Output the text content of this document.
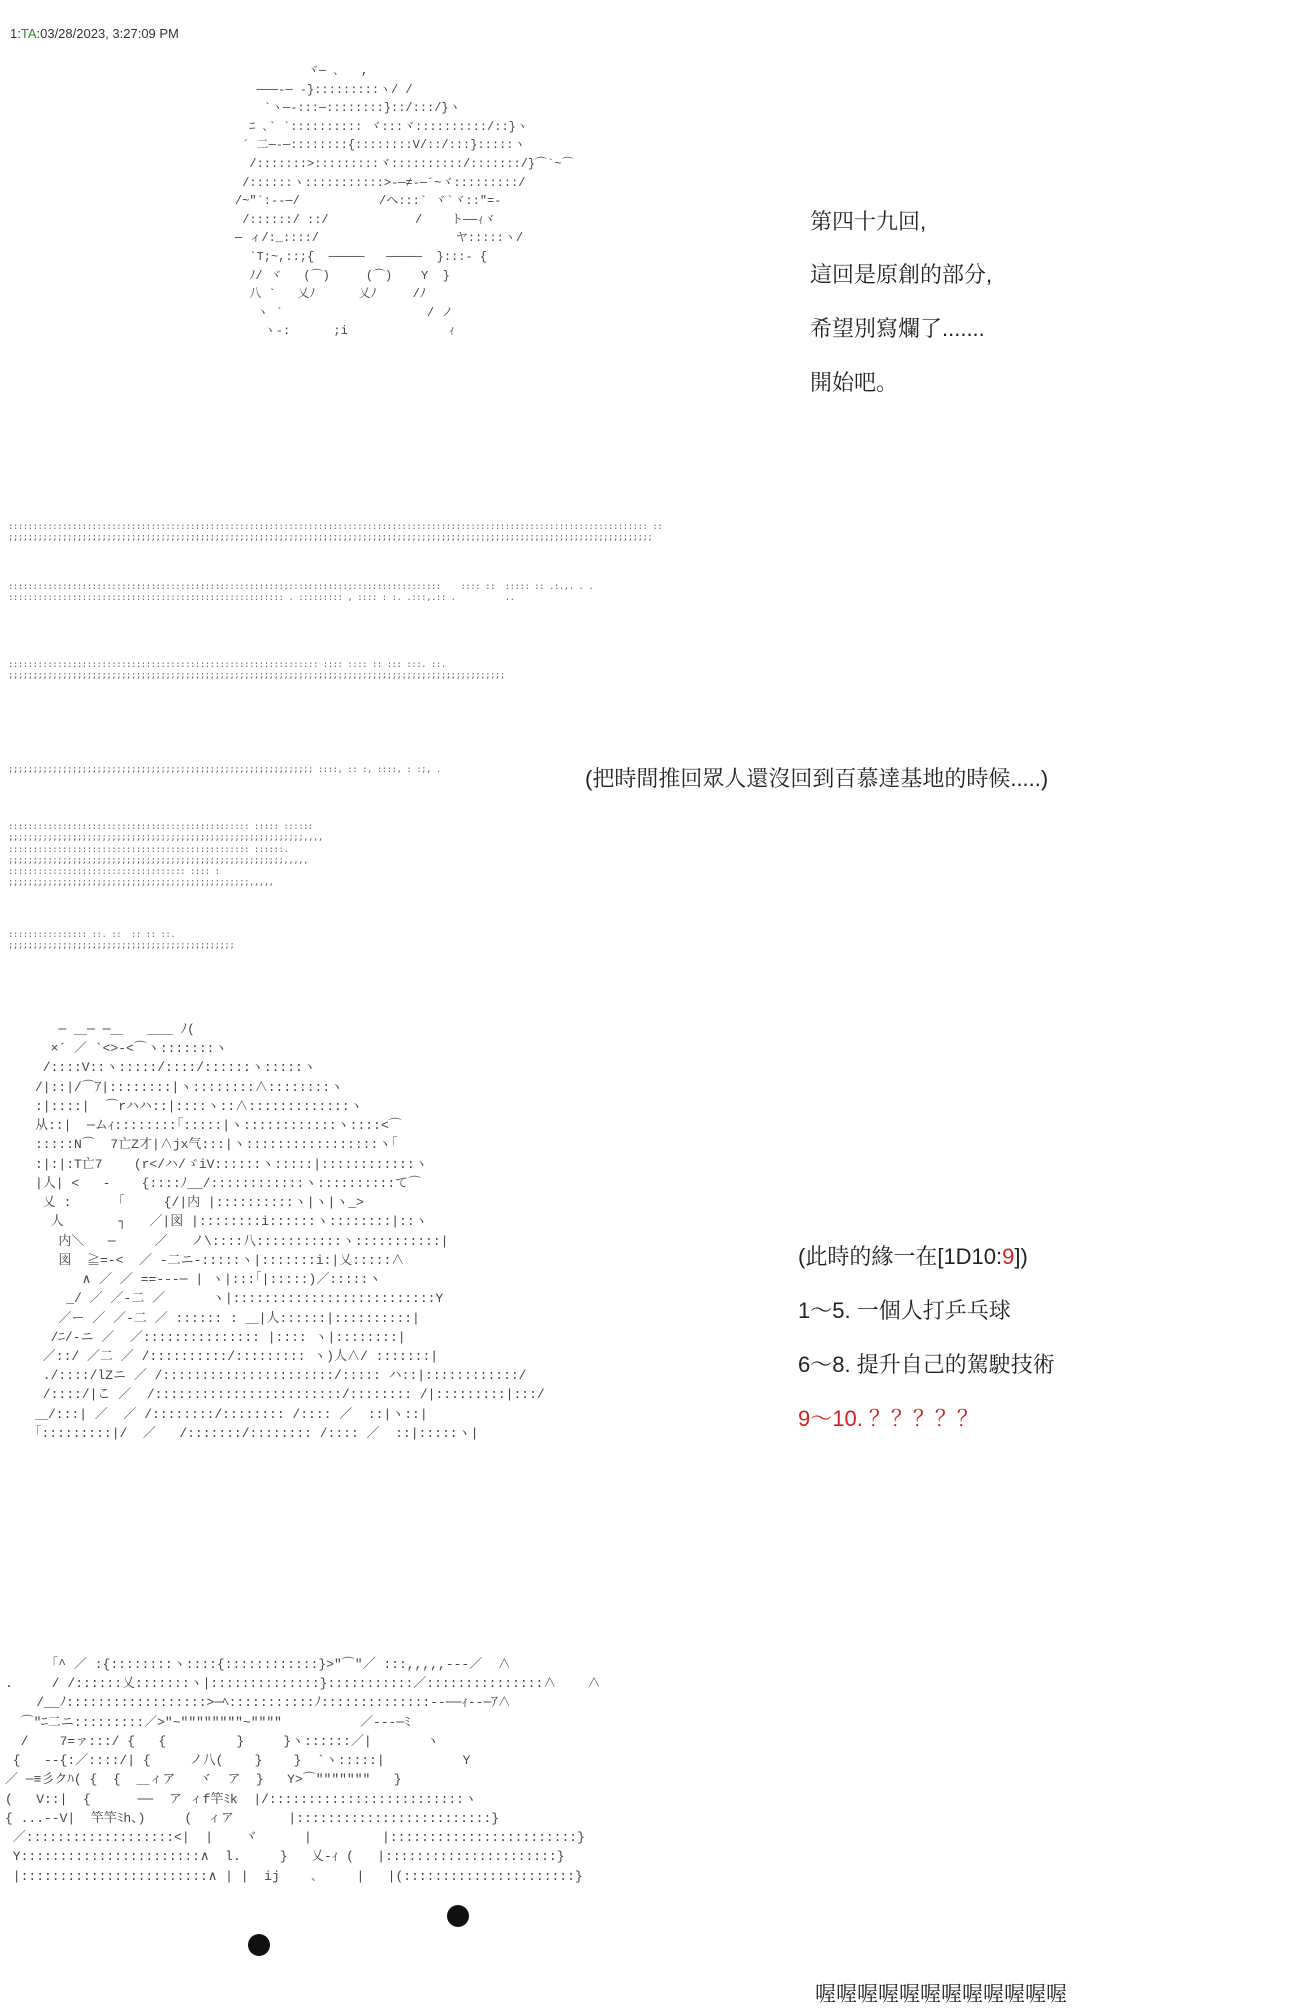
1:TA:03/28/2023, 3:27:09 PM
ヾ─ ､   ,
───-─ -}:::::::::ヽ/ /
`ヽ─-:::─::::::::}::/:::/}ヽ
ﾆ ､` `:::::::::: ヾ:::ヾ::::::::::/::}ヽ
´ 二─-─::::::::{::::::::V/::/:::}:::::ヽ
/:::::::>:::::::::ヾ::::::::::/:::::::/}⌒`~⌒
/::::::ヽ:::::::::::>-─≠-─´~ヾ:::::::::/
/~"´:--─/           /ヘ:::` ヾ`ヾ::"=-
/::::::/ ::/            /    ト──ｨヾ
─ ィ/:_::::/                   ヤ:::::ヽ/
`T;~,::;{  ─────   ─────  }:::- {
ﾉ/ ヾ   (⌒)     (⌒)    Y  }
八 `   乂ﾉ      乂ﾉ     /ﾉ
ヽ `                    / ノ
ヽ-:      ;i              ｨ
第四十九回,
這回是原創的部分,
希望別寫爛了.......
開始吧。
:::::::::::::::::::::::::::::::::::::::::::::::::::::::::::::::::::::::::::::::::::::::::::::::::::::::::::::::::::::::::::::::::: ::
;;;;;;;;;;;;;;;;;;;;;;;;;;;;;;;;;;;;;;;;;;;;;;;;;;;;;;;;;;;;;;;;;;;;;;;;;;;;;;;;;;;;;;;;;;;;;;;;;;;;;;;;;;;;;;;;;;;;;;;;;;;;;;;;;;;
::::::::::::::::::::::::::::::::::::::::::::::::::::::::::::::::::::::::::::::::::::::::    :::: ::  ::::: :: .:.,. . .
:::::::::::::::::::::::::::::::::::::::::::::::::::::::: . ::::::::: , :::: : :. .:::,.:: .          ..
::::::::::::::::::::::::::::::::::::::::::::::::::::::::::::::: :::: :::: :: ::: :::. ::.
;;;;;;;;;;;;;;;;;;;;;;;;;;;;;;;;;;;;;;;;;;;;;;;;;;;;;;;;;;;;;;;;;;;;;;;;;;;;;;;;;;;;;;;;;;;;;;;;;;;;;
;;;;;;;;;;;;;;;;;;;;;;;;;;;;;;;;;;;;;;;;;;;;;;;;;;;;;;;;;;;;;; ::::, :: :, ::::, : :;, .
::::::::::::::::::::::::::::::::::::::::::::::::: ::::: ::::::
;;;;;;;;;;;;;;;;;;;;;;;;;;;;;;;;;;;;;;;;;;;;;;;;;;;;;;;;;;;;,,,,
::::::::::::::::::::::::::::::::::::::::::::::::: ::::::.
;;;;;;;;;;;;;;;;;;;;;;;;;;;;;;;;;;;;;;;;;;;;;;;;;;;;;;;;,,,,,
:::::::::::::::::::::::::::::::::::: :::: :
;;;;;;;;;;;;;;;;;;;;;;;;;;;;;;;;;;;;;;;;;;;;;;;;;,,,,,
:::::::::::::::: ::. ::  :: :: ::.
;;;;;;;;;;;;;;;;;;;;;;;;;;;;;;;;;;;;;;;;;;;;;;
(把時間推回眾人還沒回到百慕達基地的時候.....)
─ ＿─ ─＿   ＿＿ ﾉ(
×´ ／ `<>-<⌒ヽ:::::::ヽ
/::::V::ヽ:::::/::::/::::::ヽ:::::ヽ
/|::|/⌒ｱ|::::::::|ヽ::::::::∧::::::::ヽ
:|::::|  ⌒rハハ::|::::ヽ::∧:::::::::::::ヽ
从::|  ─ムｨ::::::::｢:::::|ヽ::::::::::::ヽ::::<⌒
:::::N⌒  7亡Z才|∧jx气:::|ヽ:::::::::::::::::ヽ｢
:|:|:T亡7    (r</ハ/ゞiV::::::ヽ:::::|::::::::::::ヽ
|人| <   -    {::::ﾉ__/::::::::::::ヽ::::::::::て⌒
乂 :      ｢     {/|内 |::::::::::ヽ|ヽ|ヽ_>
人       ┐   ／|図 |::::::::i::::::ヽ::::::::|::ヽ
内＼   ─     ／   ノ\::::八:::::::::::ヽ:::::::::::|
図  ≧=-<  ／ -二ニ-:::::ヽ|:::::::i:|乂:::::∧
∧ ／ ／ ==---─ | ヽ|:::｢|:::::)／:::::ヽ
_/ ／ ／-二 ／      ヽ|::::::::::::::::::::::::::Y
／ー ／ ／-二 ／ :::::: : ＿|人::::::|::::::::::|
/ﾆ/-ニ ／  ／::::::::::::::: |:::: ヽ|::::::::|
／::/ ／二 ／ /::::::::::/::::::::: ヽ)人∧/ :::::::|
./::::/lZニ ／ /::::::::::::::::::::::/::::: ハ::|::::::::::::/
/::::/|こ ／  /::::::::::::::::::::::::/:::::::: /|:::::::::|:::/
＿/:::| ／  ／ /::::::::/:::::::: /:::: ／  ::|ヽ::|
｢:::::::::|/  ／   /:::::::/:::::::: /:::: ／  ::|:::::ヽ|
(此時的緣一在[1D10:9])
1～5. 一個人打乒乓球
6～8. 提升自己的駕駛技術
9～10. ？？？？？
｢^ ／ :{::::::::ヽ::::{::::::::::::}>"⌒"／ :::,,,,,---／  ∧
.     / /::::::乂:::::::ヽ|::::::::::::::}:::::::::::／:::::::::::::::∧    ∧
/__ﾉ::::::::::::::::::>─ﾍ:::::::::::ﾉ::::::::::::::--──ｨ--─ｱ∧
⌒"ﾆ二ニ:::::::::／>"~""""""""~""""          ／---─ﾐ
/    7=ァ:::/ {   {         }     }ヽ::::::／|       ヽ
{   --{:／::::/| {     ノ八(    }    }  `ヽ:::::|          Y
／ ─≡彡クﾊ( {  {  ＿ィア   ヾ  ア  }   Y>⌒"""""""   }
(   V::|  {      ──  ア ィf竿ﾐk  |/:::::::::::::::::::::::::ヽ
{ ...--V|  竿竿ﾐh、)     (  ィア       |:::::::::::::::::::::::::}
／:::::::::::::::::::<|  |    ヾ      |         |::::::::::::::::::::::::}
Y:::::::::::::::::::::::∧  l.     }   乂-ｨ (   |::::::::::::::::::::::}
|::::::::::::::::::::::::∧ | |  ij    ､     |   |(::::::::::::::::::::::}
喔喔喔喔喔喔喔喔喔喔喔喔
